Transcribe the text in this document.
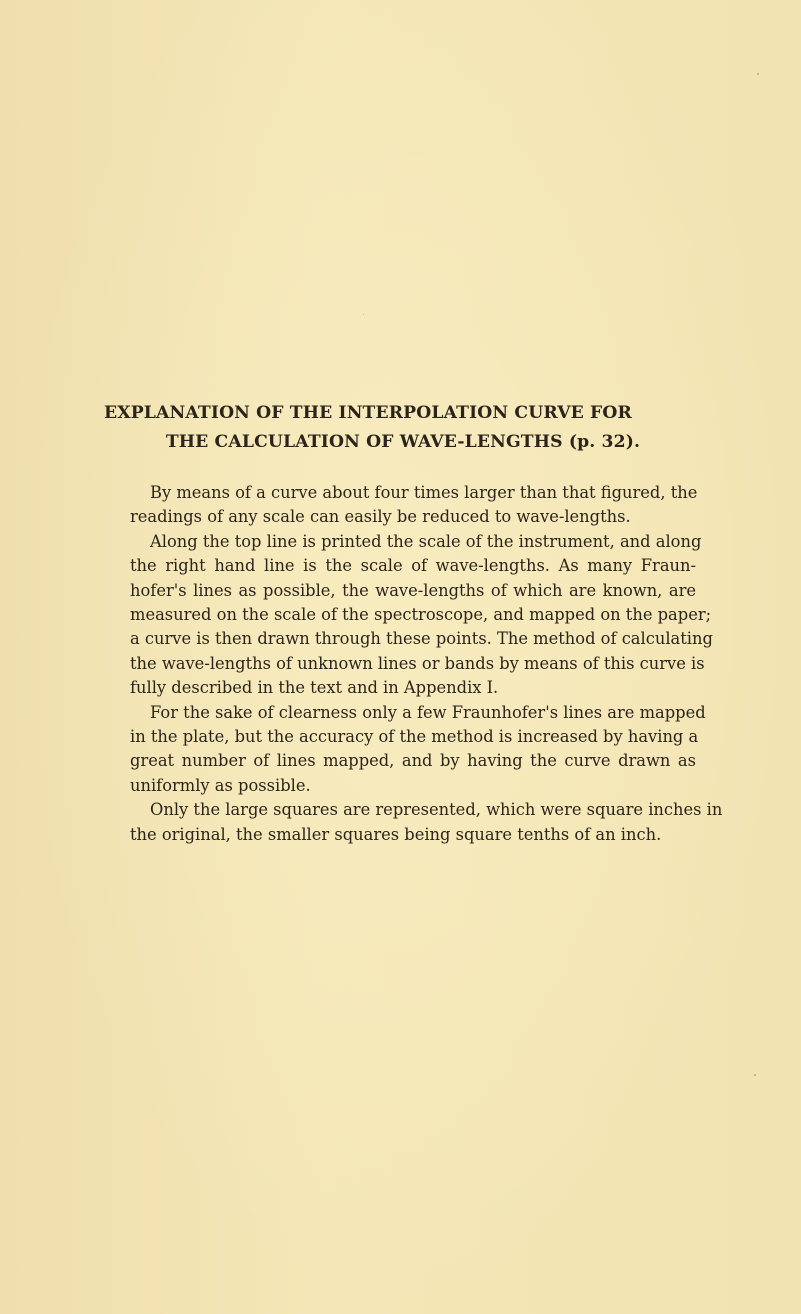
EXPLANATION OF THE INTERPOLATION CURVE FOR
THE CALCULATION OF WAVE-LENGTHS (p. 32).

By means of a curve about four times larger than that figured, the
readings of any scale can easily be reduced to wave-lengths.

Along the top line is printed the scale of the instrument, and along
the right hand line is the scale of wave-lengths. As many Fraun-
hofer's lines as possible, the wave-lengths of which are known, are
measured on the scale of the spectroscope, and mapped on the paper;
a curve is then drawn through these points. The method of calculating
the wave-lengths of unknown lines or bands by means of this curve is
fully described in the text and in Appendix I.

For the sake of clearness only a few Fraunhofer's lines are mapped
in the plate, but the accuracy of the method is increased by having a
great number of lines mapped, and by having the curve drawn as
uniformly as possible.

Only the large squares are represented, which were square inches in
the original, the smaller squares being square tenths of an inch.
